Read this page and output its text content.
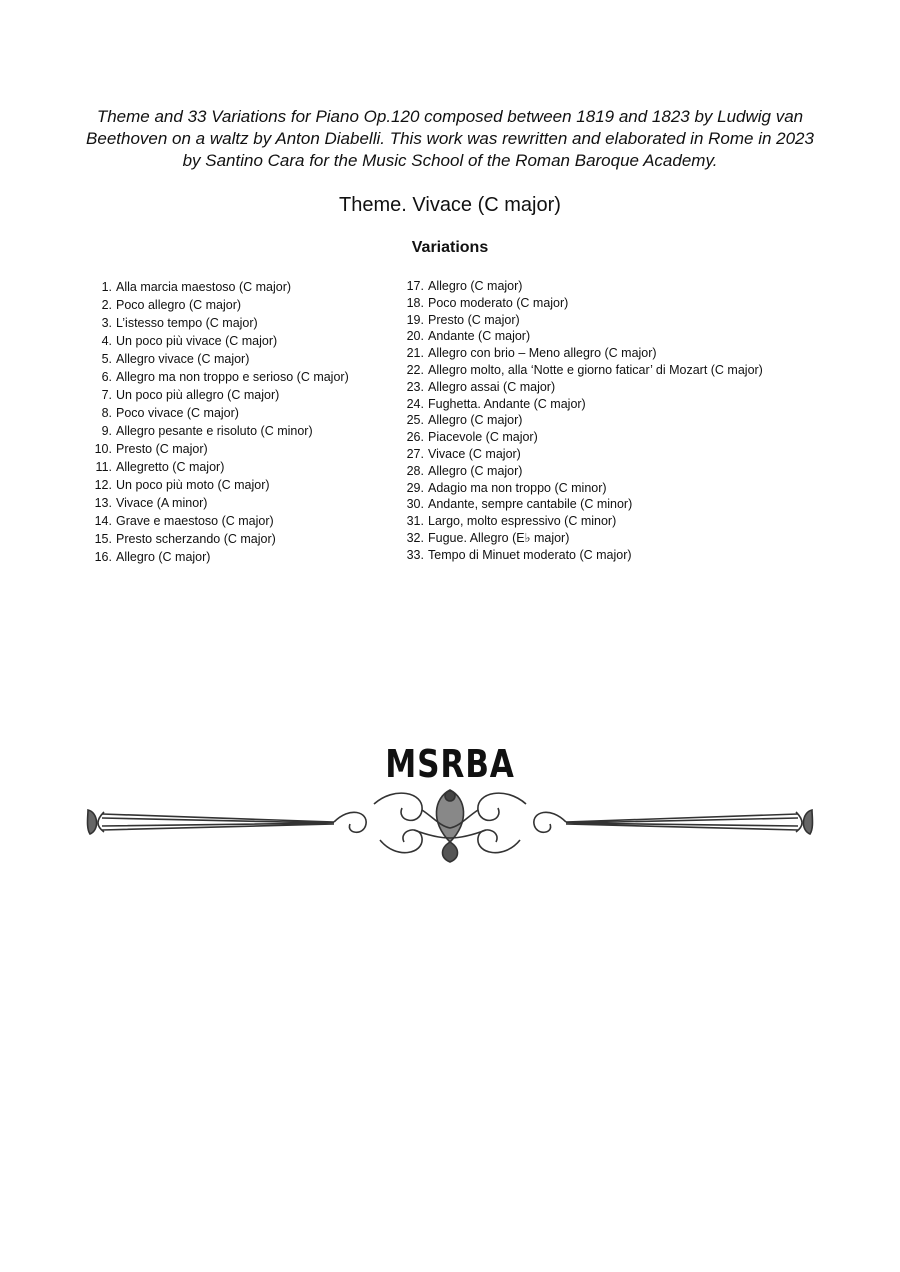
Theme and 33 Variations for Piano Op.120 composed between 1819 and 1823 by Ludwig van Beethoven on a waltz by Anton Diabelli. This work was rewritten and elaborated in Rome in 2023 by Santino Cara for the Music School of the Roman Baroque Academy.
Theme. Vivace (C major)
Variations
1. Alla marcia maestoso (C major)
2. Poco allegro (C major)
3. L’istesso tempo (C major)
4. Un poco più vivace (C major)
5. Allegro vivace (C major)
6. Allegro ma non troppo e serioso (C major)
7. Un poco più allegro (C major)
8. Poco vivace (C major)
9. Allegro pesante e risoluto (C minor)
10. Presto (C major)
11. Allegretto (C major)
12. Un poco più moto (C major)
13. Vivace (A minor)
14. Grave e maestoso (C major)
15. Presto scherzando (C major)
16. Allegro (C major)
17. Allegro (C major)
18. Poco moderato (C major)
19. Presto (C major)
20. Andante (C major)
21. Allegro con brio – Meno allegro (C major)
22. Allegro molto, alla ‘Notte e giorno faticar’ di Mozart (C major)
23. Allegro assai (C major)
24. Fughetta. Andante (C major)
25. Allegro (C major)
26. Piacevole (C major)
27. Vivace (C major)
28. Allegro (C major)
29. Adagio ma non troppo (C minor)
30. Andante, sempre cantabile (C minor)
31. Largo, molto espressivo (C minor)
32. Fugue. Allegro (E♭ major)
33. Tempo di Minuet moderato (C major)
MSRBA
